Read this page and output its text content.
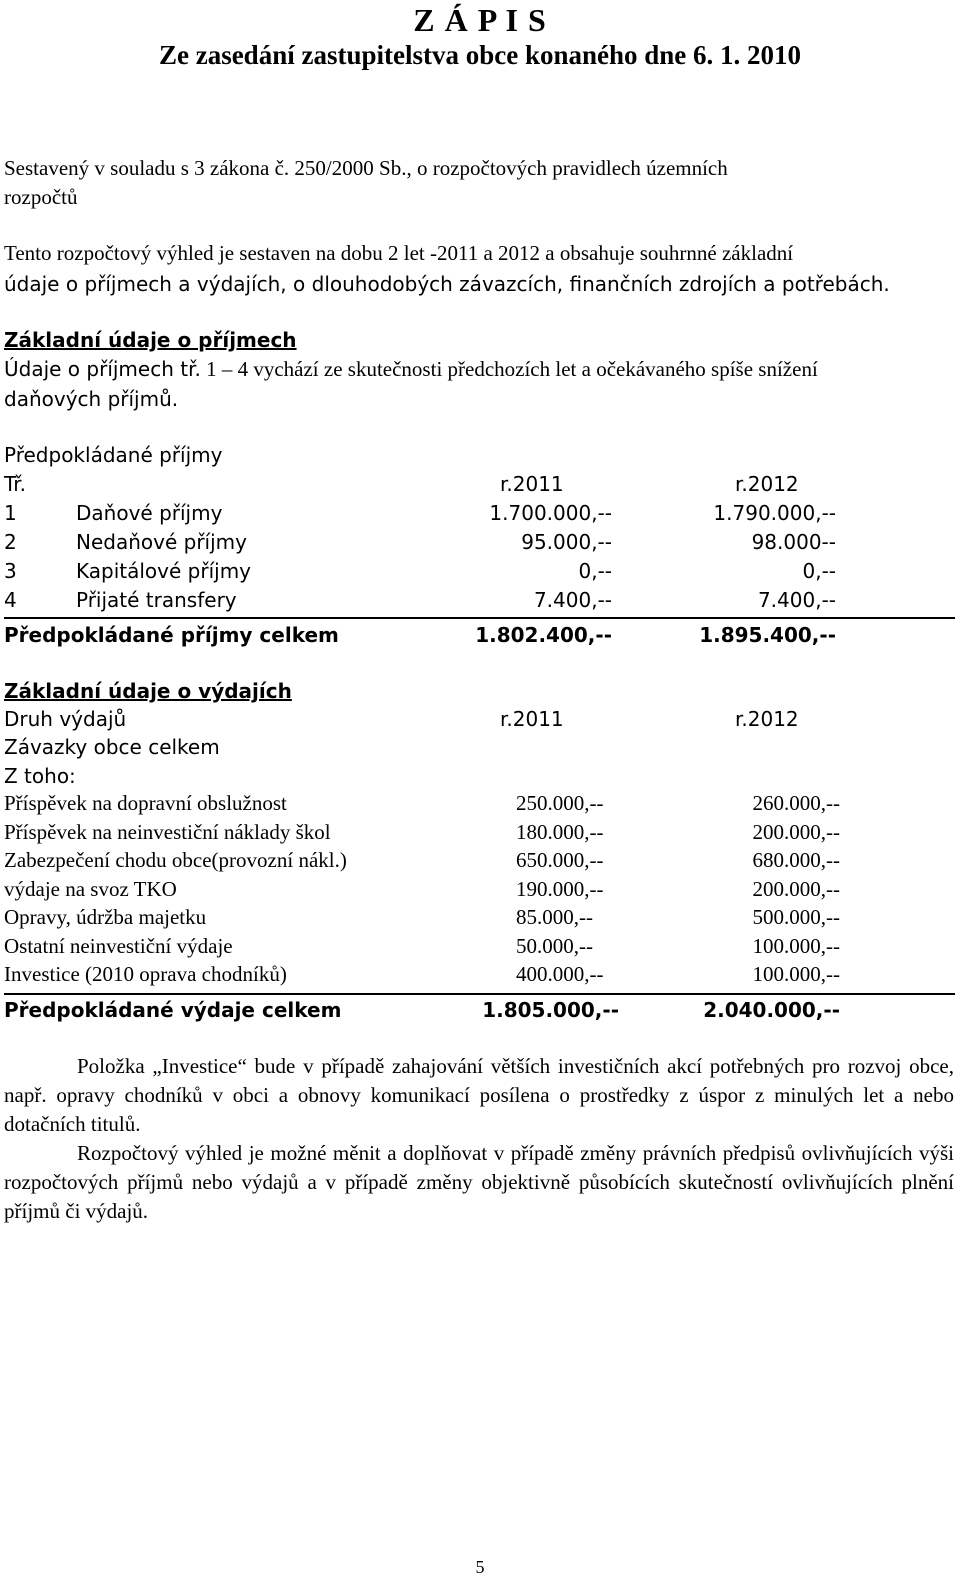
Z Á P I S
Ze zasedání zastupitelstva obce konaného dne 6. 1. 2010
Sestavený v souladu s 3 zákona č. 250/2000 Sb., o rozpočtových pravidlech územních
rozpočtů
Tento rozpočtový výhled je sestaven na dobu 2 let -2011 a 2012 a obsahuje souhrnné základní
údaje o příjmech a výdajích, o dlouhodobých závazcích, finančních zdrojích a potřebách.
Základní údaje o příjmech
Údaje o příjmech tř. 1 – 4 vychází ze skutečnosti předchozích let a očekávaného spíše snížení
daňových příjmů.
Předpokládané příjmy
Tř.	r.2011	r.2012
1	Daňové příjmy	1.700.000,--	1.790.000,--
2	Nedaňové příjmy	95.000,--	98.000--
3	Kapitálové příjmy	0,--	0,--
4	Přijaté transfery	7.400,--	7.400,--
Předpokládané příjmy celkem	1.802.400,--	1.895.400,--
Základní údaje o výdajích
Druh výdajů	r.2011	r.2012
Závazky obce celkem
Z toho:
Příspěvek na dopravní obslužnost	250.000,--	260.000,--
Příspěvek na neinvestiční náklady škol	180.000,--	200.000,--
Zabezpečení chodu obce(provozní nákl.)	650.000,--	680.000,--
výdaje na svoz TKO	190.000,--	200.000,--
Opravy, údržba majetku	85.000,--	500.000,--
Ostatní neinvestiční výdaje	50.000,--	100.000,--
Investice (2010 oprava chodníků)	400.000,--	100.000,--
Předpokládané výdaje celkem	1.805.000,--	2.040.000,--
Položka „Investice“ bude v případě zahajování větších investičních akcí potřebných pro rozvoj obce, např. opravy chodníků v obci a obnovy komunikací posílena o prostředky z úspor z minulých let a nebo dotačních titulů.
Rozpočtový výhled je možné měnit a doplňovat v případě změny právních předpisů ovlivňujících výši rozpočtových příjmů nebo výdajů a v případě změny objektivně působících skutečností ovlivňujících plnění příjmů či výdajů.
5
